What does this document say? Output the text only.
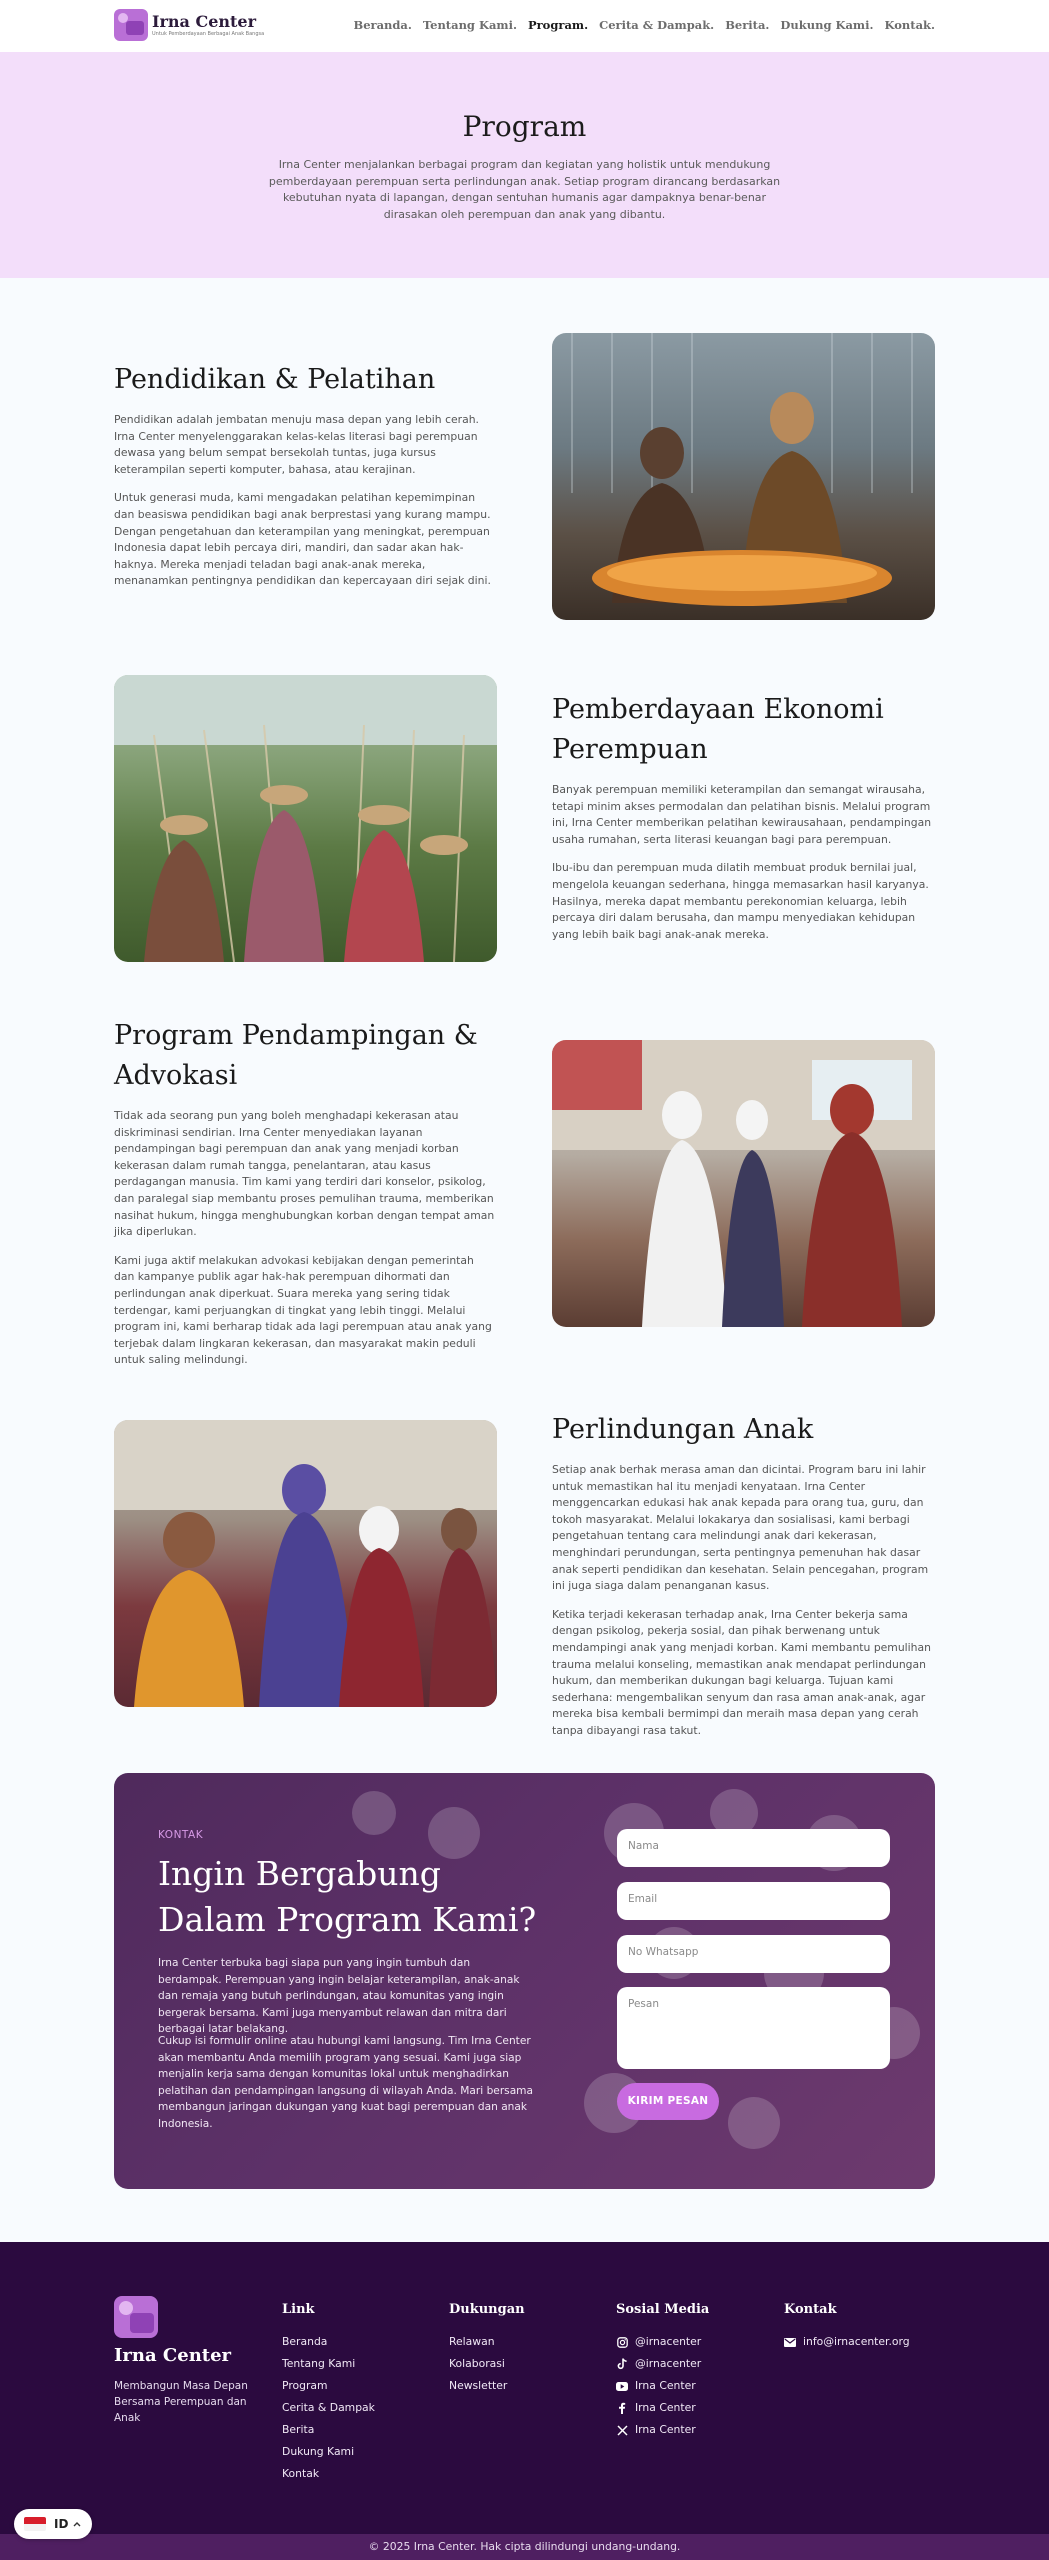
Irna Center
Untuk Pemberdayaan Berbagai Anak Bangsa
Beranda. Tentang Kami. Program. Cerita & Dampak. Berita. Dukung Kami. Kontak.
Program

Irna Center menjalankan berbagai program dan kegiatan yang holistik untuk mendukung pemberdayaan perempuan serta perlindungan anak. Setiap program dirancang berdasarkan kebutuhan nyata di lapangan, dengan sentuhan humanis agar dampaknya benar-benar dirasakan oleh perempuan dan anak yang dibantu.

Pendidikan & Pelatihan

Pendidikan adalah jembatan menuju masa depan yang lebih cerah. Irna Center menyelenggarakan kelas-kelas literasi bagi perempuan dewasa yang belum sempat bersekolah tuntas, juga kursus keterampilan seperti komputer, bahasa, atau kerajinan.

Untuk generasi muda, kami mengadakan pelatihan kepemimpinan dan beasiswa pendidikan bagi anak berprestasi yang kurang mampu. Dengan pengetahuan dan keterampilan yang meningkat, perempuan Indonesia dapat lebih percaya diri, mandiri, dan sadar akan hak-haknya. Mereka menjadi teladan bagi anak-anak mereka, menanamkan pentingnya pendidikan dan kepercayaan diri sejak dini.

Pemberdayaan Ekonomi Perempuan

Banyak perempuan memiliki keterampilan dan semangat wirausaha, tetapi minim akses permodalan dan pelatihan bisnis. Melalui program ini, Irna Center memberikan pelatihan kewirausahaan, pendampingan usaha rumahan, serta literasi keuangan bagi para perempuan.

Ibu-ibu dan perempuan muda dilatih membuat produk bernilai jual, mengelola keuangan sederhana, hingga memasarkan hasil karyanya. Hasilnya, mereka dapat membantu perekonomian keluarga, lebih percaya diri dalam berusaha, dan mampu menyediakan kehidupan yang lebih baik bagi anak-anak mereka.

Program Pendampingan & Advokasi

Tidak ada seorang pun yang boleh menghadapi kekerasan atau diskriminasi sendirian. Irna Center menyediakan layanan pendampingan bagi perempuan dan anak yang menjadi korban kekerasan dalam rumah tangga, penelantaran, atau kasus perdagangan manusia. Tim kami yang terdiri dari konselor, psikolog, dan paralegal siap membantu proses pemulihan trauma, memberikan nasihat hukum, hingga menghubungkan korban dengan tempat aman jika diperlukan.

Kami juga aktif melakukan advokasi kebijakan dengan pemerintah dan kampanye publik agar hak-hak perempuan dihormati dan perlindungan anak diperkuat. Suara mereka yang sering tidak terdengar, kami perjuangkan di tingkat yang lebih tinggi. Melalui program ini, kami berharap tidak ada lagi perempuan atau anak yang terjebak dalam lingkaran kekerasan, dan masyarakat makin peduli untuk saling melindungi.

Perlindungan Anak

Setiap anak berhak merasa aman dan dicintai. Program baru ini lahir untuk memastikan hal itu menjadi kenyataan. Irna Center menggencarkan edukasi hak anak kepada para orang tua, guru, dan tokoh masyarakat. Melalui lokakarya dan sosialisasi, kami berbagi pengetahuan tentang cara melindungi anak dari kekerasan, menghindari perundungan, serta pentingnya pemenuhan hak dasar anak seperti pendidikan dan kesehatan. Selain pencegahan, program ini juga siaga dalam penanganan kasus.

Ketika terjadi kekerasan terhadap anak, Irna Center bekerja sama dengan psikolog, pekerja sosial, dan pihak berwenang untuk mendampingi anak yang menjadi korban. Kami membantu pemulihan trauma melalui konseling, memastikan anak mendapat perlindungan hukum, dan memberikan dukungan bagi keluarga. Tujuan kami sederhana: mengembalikan senyum dan rasa aman anak-anak, agar mereka bisa kembali bermimpi dan meraih masa depan yang cerah tanpa dibayangi rasa takut.

KONTAK
Ingin Bergabung Dalam Program Kami?

Irna Center terbuka bagi siapa pun yang ingin tumbuh dan berdampak. Perempuan yang ingin belajar keterampilan, anak-anak dan remaja yang butuh perlindungan, atau komunitas yang ingin bergerak bersama. Kami juga menyambut relawan dan mitra dari berbagai latar belakang.

Cukup isi formulir online atau hubungi kami langsung. Tim Irna Center akan membantu Anda memilih program yang sesuai. Kami juga siap menjalin kerja sama dengan komunitas lokal untuk menghadirkan pelatihan dan pendampingan langsung di wilayah Anda. Mari bersama membangun jaringan dukungan yang kuat bagi perempuan dan anak Indonesia.

Nama
Email
No Whatsapp
Pesan
KIRIM PESAN
Irna Center
Membangun Masa Depan Bersama Perempuan dan Anak
Link
Beranda
Tentang Kami
Program
Cerita & Dampak
Berita
Dukung Kami
Kontak
Dukungan
Relawan
Kolaborasi
Newsletter
Sosial Media
@irnacenter
@irnacenter
Irna Center
Irna Center
Irna Center
Kontak
info@irnacenter.org
© 2025 Irna Center. Hak cipta dilindungi undang-undang.
ID
